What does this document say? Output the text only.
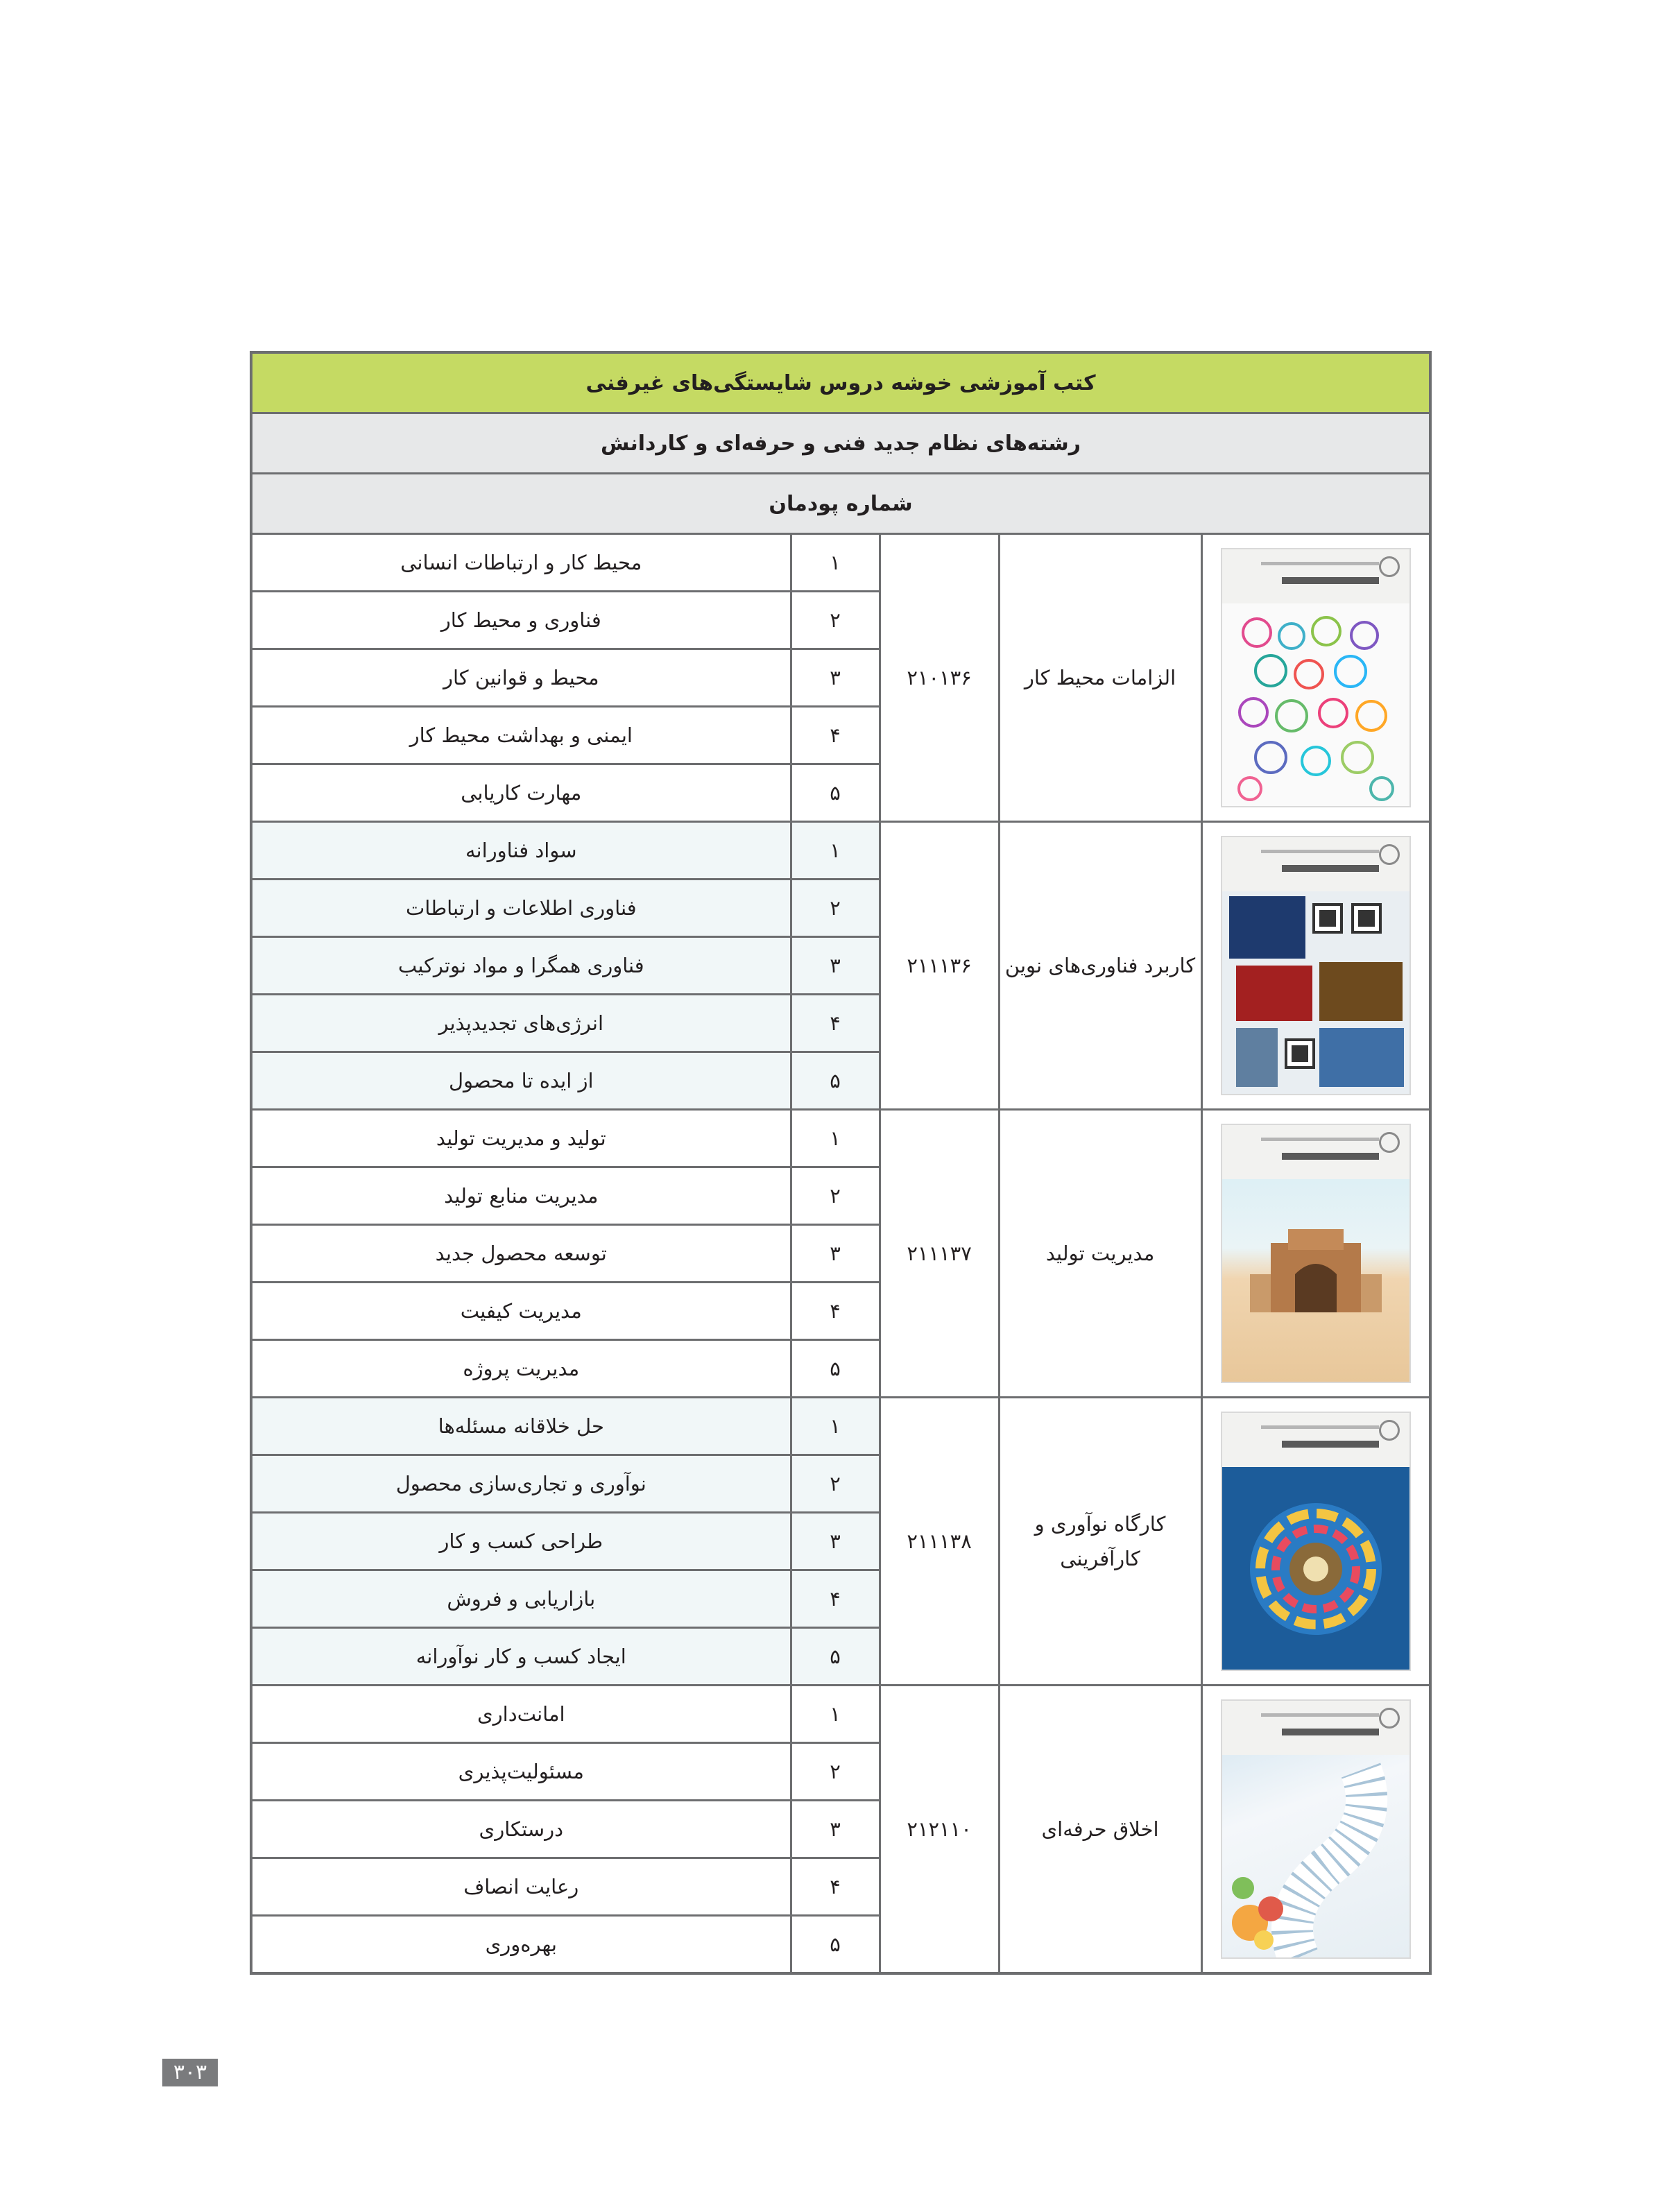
کتب آموزشی خوشه دروس شایستگی‌های غیرفنی				
رشته‌های نظام جدید فنی و حرفه‌ای و کاردانش				
شماره پودمان				

	الزامات محیط کار	۲۱۰۱۳۶	۱	محیط کار و ارتباطات انسانی
			۲	فناوری و محیط کار
			۳	محیط و قوانین کار
			۴	ایمنی و بهداشت محیط کار
			۵	مهارت کاریابی

	کاربرد فناوری‌های نوین	۲۱۱۱۳۶	۱	سواد فناورانه
			۲	فناوری اطلاعات و ارتباطات
			۳	فناوری همگرا و مواد نوترکیب
			۴	انرژی‌های تجدیدپذیر
			۵	از ایده تا محصول

	مدیریت تولید	۲۱۱۱۳۷	۱	تولید و مدیریت تولید
			۲	مدیریت منابع تولید
			۳	توسعه محصول جدید
			۴	مدیریت کیفیت
			۵	مدیریت پروژه

	کارگاه نوآوری و کارآفرینی	۲۱۱۱۳۸	۱	حل خلاقانه مسئله‌ها
			۲	نوآوری و تجاری‌سازی محصول
			۳	طراحی کسب و کار
			۴	بازاریابی و فروش
			۵	ایجاد کسب و کار نوآورانه

	اخلاق حرفه‌ای	۲۱۲۱۱۰	۱	امانت‌داری
			۲	مسئولیت‌پذیری
			۳	درستکاری
			۴	رعایت انصاف
			۵	بهره‌وری
۳۰۳
